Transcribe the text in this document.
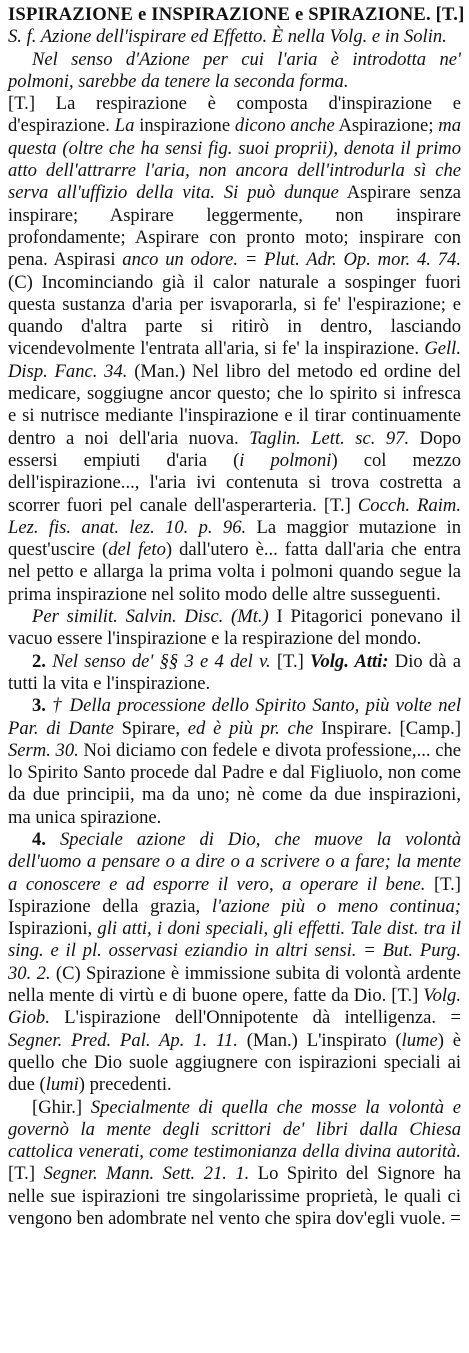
ISPIRAZIONE e INSPIRAZIONE e SPIRAZIONE. [T.]
S. f. Azione dell'ispirare ed Effetto. È nella Volg. e in Solin.

Nel senso d'Azione per cui l'aria è introdotta ne' polmoni, sarebbe da tenere la seconda forma.

[T.] La respirazione è composta d'inspirazione e d'espirazione. La inspirazione dicono anche Aspirazione; ma questa (oltre che ha sensi fig. suoi proprii), denota il primo atto dell'attrarre l'aria, non ancora dell'introdurla sì che serva all'uffizio della vita. Si può dunque Aspirare senza inspirare; Aspirare leggermente, non inspirare profondamente; Aspirare con pronto moto; inspirare con pena. Aspirasi anco un odore. = Plut. Adr. Op. mor. 4. 74. (C) Incominciando già il calor naturale a sospinger fuori questa sustanza d'aria per isvaporarla, si fe' l'espirazione; e quando d'altra parte si ritirò in dentro, lasciando vicendevolmente l'entrata all'aria, si fe' la inspirazione. Gell. Disp. Fanc. 34. (Man.) Nel libro del metodo ed ordine del medicare, soggiugne ancor questo; che lo spirito si infresca e si nutrisce mediante l'inspirazione e il tirar continuamente dentro a noi dell'aria nuova. Taglin. Lett. sc. 97. Dopo essersi empiuti d'aria (i polmoni) col mezzo dell'ispirazione..., l'aria ivi contenuta si trova costretta a scorrer fuori pel canale dell'asperarteria. [T.] Cocch. Raim. Lez. fis. anat. lez. 10. p. 96. La maggior mutazione in quest'uscire (del feto) dall'utero è... fatta dall'aria che entra nel petto e allarga la prima volta i polmoni quando segue la prima inspirazione nel solito modo delle altre susseguenti.

Per similit. Salvin. Disc. (Mt.) I Pitagorici ponevano il vacuo essere l'inspirazione e la respirazione del mondo.

2. Nel senso de' §§ 3 e 4 del v. [T.] Volg. Atti: Dio dà a tutti la vita e l'inspirazione.

3. † Della processione dello Spirito Santo, più volte nel Par. di Dante Spirare, ed è più pr. che Inspirare. [Camp.] Serm. 30. Noi diciamo con fedele e divota professione,... che lo Spirito Santo procede dal Padre e dal Figliuolo, non come da due principii, ma da uno; nè come da due inspirazioni, ma unica spirazione.

4. Speciale azione di Dio, che muove la volontà dell'uomo a pensare o a dire o a scrivere o a fare; la mente a conoscere e ad esporre il vero, a operare il bene. [T.] Ispirazione della grazia, l'azione più o meno continua; Ispirazioni, gli atti, i doni speciali, gli effetti. Tale dist. tra il sing. e il pl. osservasi eziandio in altri sensi. = But. Purg. 30. 2. (C) Spirazione è immissione subita di volontà ardente nella mente di virtù e di buone opere, fatte da Dio. [T.] Volg. Giob. L'ispirazione dell'Onnipotente dà intelligenza. = Segner. Pred. Pal. Ap. 1. 11. (Man.) L'inspirato (lume) è quello che Dio suole aggiugnere con ispirazioni speciali ai due (lumi) precedenti.

[Ghir.] Specialmente di quella che mosse la volontà e governò la mente degli scrittori de' libri dalla Chiesa cattolica venerati, come testimonianza della divina autorità. [T.] Segner. Mann. Sett. 21. 1. Lo Spirito del Signore ha nelle sue ispirazioni tre singolarissime proprietà, le quali ci vengono ben adombrate nel vento che spira dov'egli vuole. =
